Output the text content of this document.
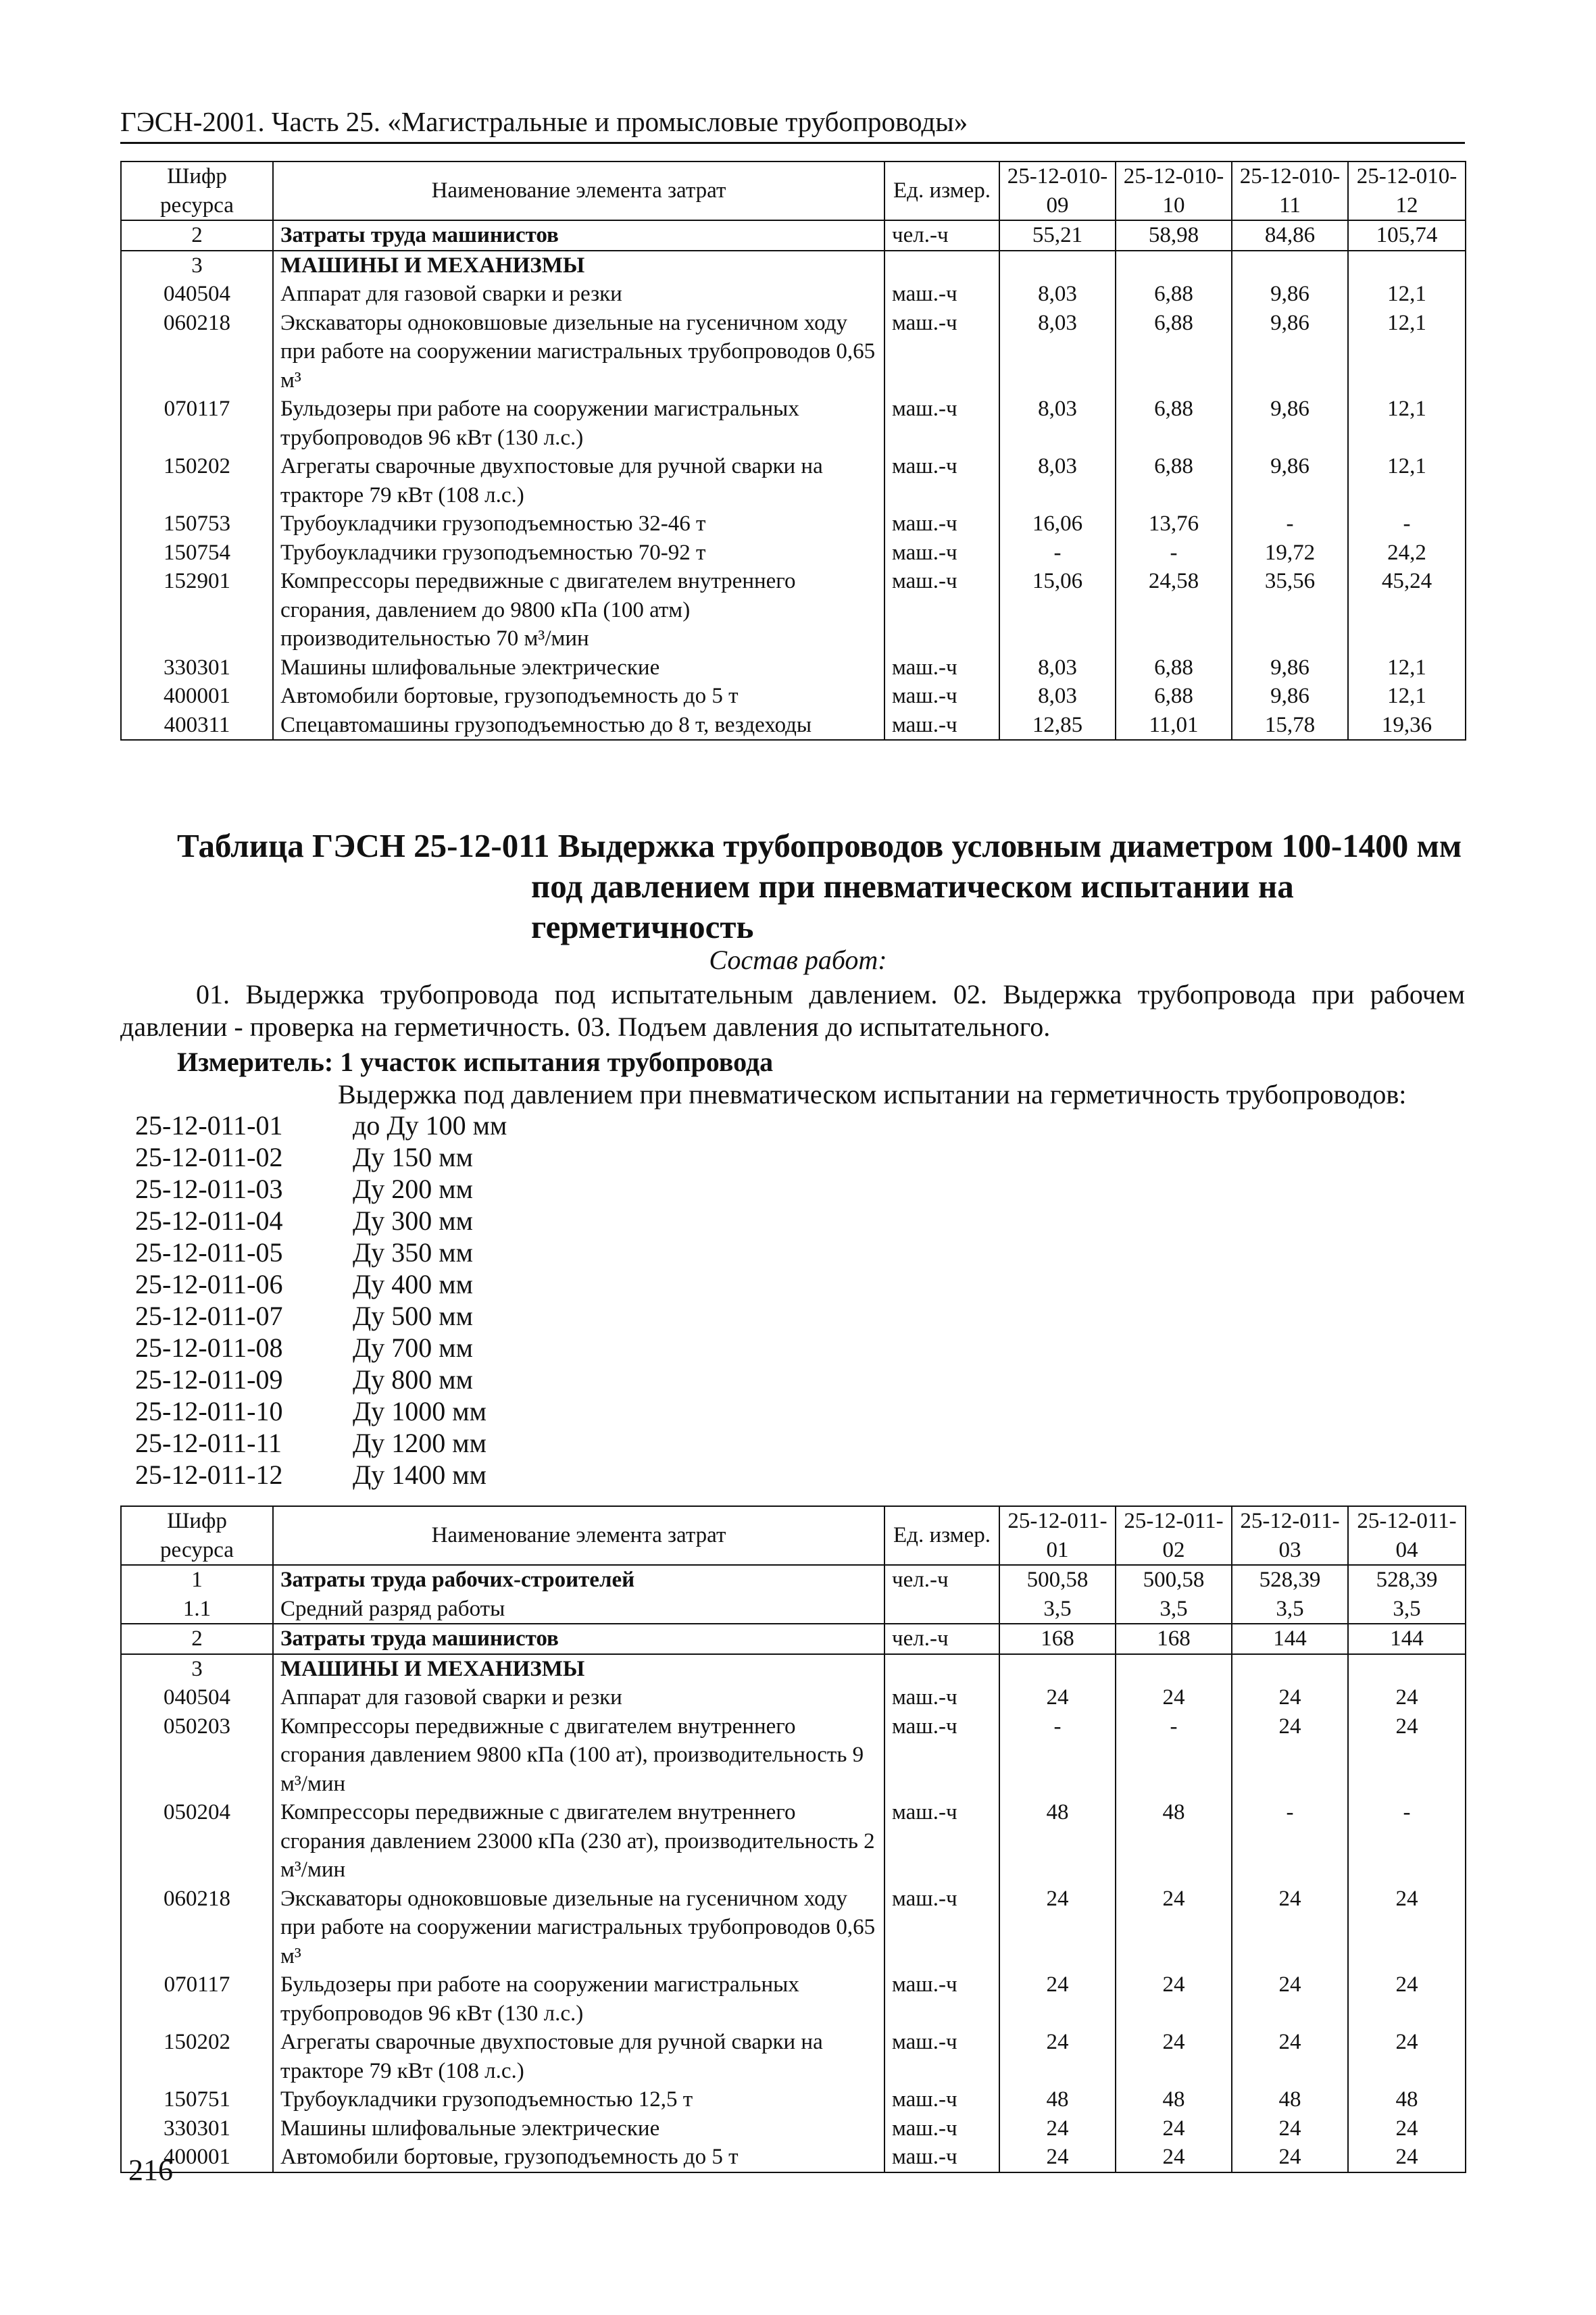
ГЭСН-2001. Часть 25. «Магистральные и промысловые трубопроводы»
Шифр ресурса	Наименование элемента затрат	Ед. измер.	25-12-010-09	25-12-010-10	25-12-010-11	25-12-010-12
2	Затраты труда машинистов	чел.-ч	55,21	58,98	84,86	105,74
3	МАШИНЫ И МЕХАНИЗМЫ					
040504	Аппарат для газовой сварки и резки	маш.-ч	8,03	6,88	9,86	12,1
060218	Экскаваторы одноковшовые дизельные на гусеничном ходу при работе на сооружении магистральных трубопроводов 0,65 м³	маш.-ч	8,03	6,88	9,86	12,1
070117	Бульдозеры при работе на сооружении магистральных трубопроводов 96 кВт (130 л.с.)	маш.-ч	8,03	6,88	9,86	12,1
150202	Агрегаты сварочные двухпостовые для ручной сварки на тракторе 79 кВт (108 л.с.)	маш.-ч	8,03	6,88	9,86	12,1
150753	Трубоукладчики грузоподъемностью 32-46 т	маш.-ч	16,06	13,76	-	-
150754	Трубоукладчики грузоподъемностью 70-92 т	маш.-ч	-	-	19,72	24,2
152901	Компрессоры передвижные с двигателем внутреннего сгорания, давлением до 9800 кПа (100 атм) производительностью 70 м³/мин	маш.-ч	15,06	24,58	35,56	45,24
330301	Машины шлифовальные электрические	маш.-ч	8,03	6,88	9,86	12,1
400001	Автомобили бортовые, грузоподъемность до 5 т	маш.-ч	8,03	6,88	9,86	12,1
400311	Спецавтомашины грузоподъемностью до 8 т, вездеходы	маш.-ч	12,85	11,01	15,78	19,36
Таблица ГЭСН 25-12-011 Выдержка трубопроводов условным диаметром 100-1400 мм
под давлением при пневматическом испытании на герметичность
Состав работ:
01. Выдержка трубопровода под испытательным давлением. 02. Выдержка трубопровода при рабочем давлении - проверка на герметичность. 03. Подъем давления до испытательного.
Измеритель: 1 участок испытания трубопровода
Выдержка под давлением при пневматическом испытании на герметичность трубопроводов:
25-12-011-01	до Ду 100 мм
25-12-011-02	Ду 150 мм
25-12-011-03	Ду 200 мм
25-12-011-04	Ду 300 мм
25-12-011-05	Ду 350 мм
25-12-011-06	Ду 400 мм
25-12-011-07	Ду 500 мм
25-12-011-08	Ду 700 мм
25-12-011-09	Ду 800 мм
25-12-011-10	Ду 1000 мм
25-12-011-11	Ду 1200 мм
25-12-011-12	Ду 1400 мм
Шифр ресурса	Наименование элемента затрат	Ед. измер.	25-12-011-01	25-12-011-02	25-12-011-03	25-12-011-04
1	Затраты труда рабочих-строителей	чел.-ч	500,58	500,58	528,39	528,39
1.1	Средний разряд работы		3,5	3,5	3,5	3,5
2	Затраты труда машинистов	чел.-ч	168	168	144	144
3	МАШИНЫ И МЕХАНИЗМЫ					
040504	Аппарат для газовой сварки и резки	маш.-ч	24	24	24	24
050203	Компрессоры передвижные с двигателем внутреннего сгорания давлением 9800 кПа (100 ат), производительность 9 м³/мин	маш.-ч	-	-	24	24
050204	Компрессоры передвижные с двигателем внутреннего сгорания давлением 23000 кПа (230 ат), производительность 2 м³/мин	маш.-ч	48	48	-	-
060218	Экскаваторы одноковшовые дизельные на гусеничном ходу при работе на сооружении магистральных трубопроводов 0,65 м³	маш.-ч	24	24	24	24
070117	Бульдозеры при работе на сооружении магистральных трубопроводов 96 кВт (130 л.с.)	маш.-ч	24	24	24	24
150202	Агрегаты сварочные двухпостовые для ручной сварки на тракторе 79 кВт (108 л.с.)	маш.-ч	24	24	24	24
150751	Трубоукладчики грузоподъемностью 12,5 т	маш.-ч	48	48	48	48
330301	Машины шлифовальные электрические	маш.-ч	24	24	24	24
400001	Автомобили бортовые, грузоподъемность до 5 т	маш.-ч	24	24	24	24
216
